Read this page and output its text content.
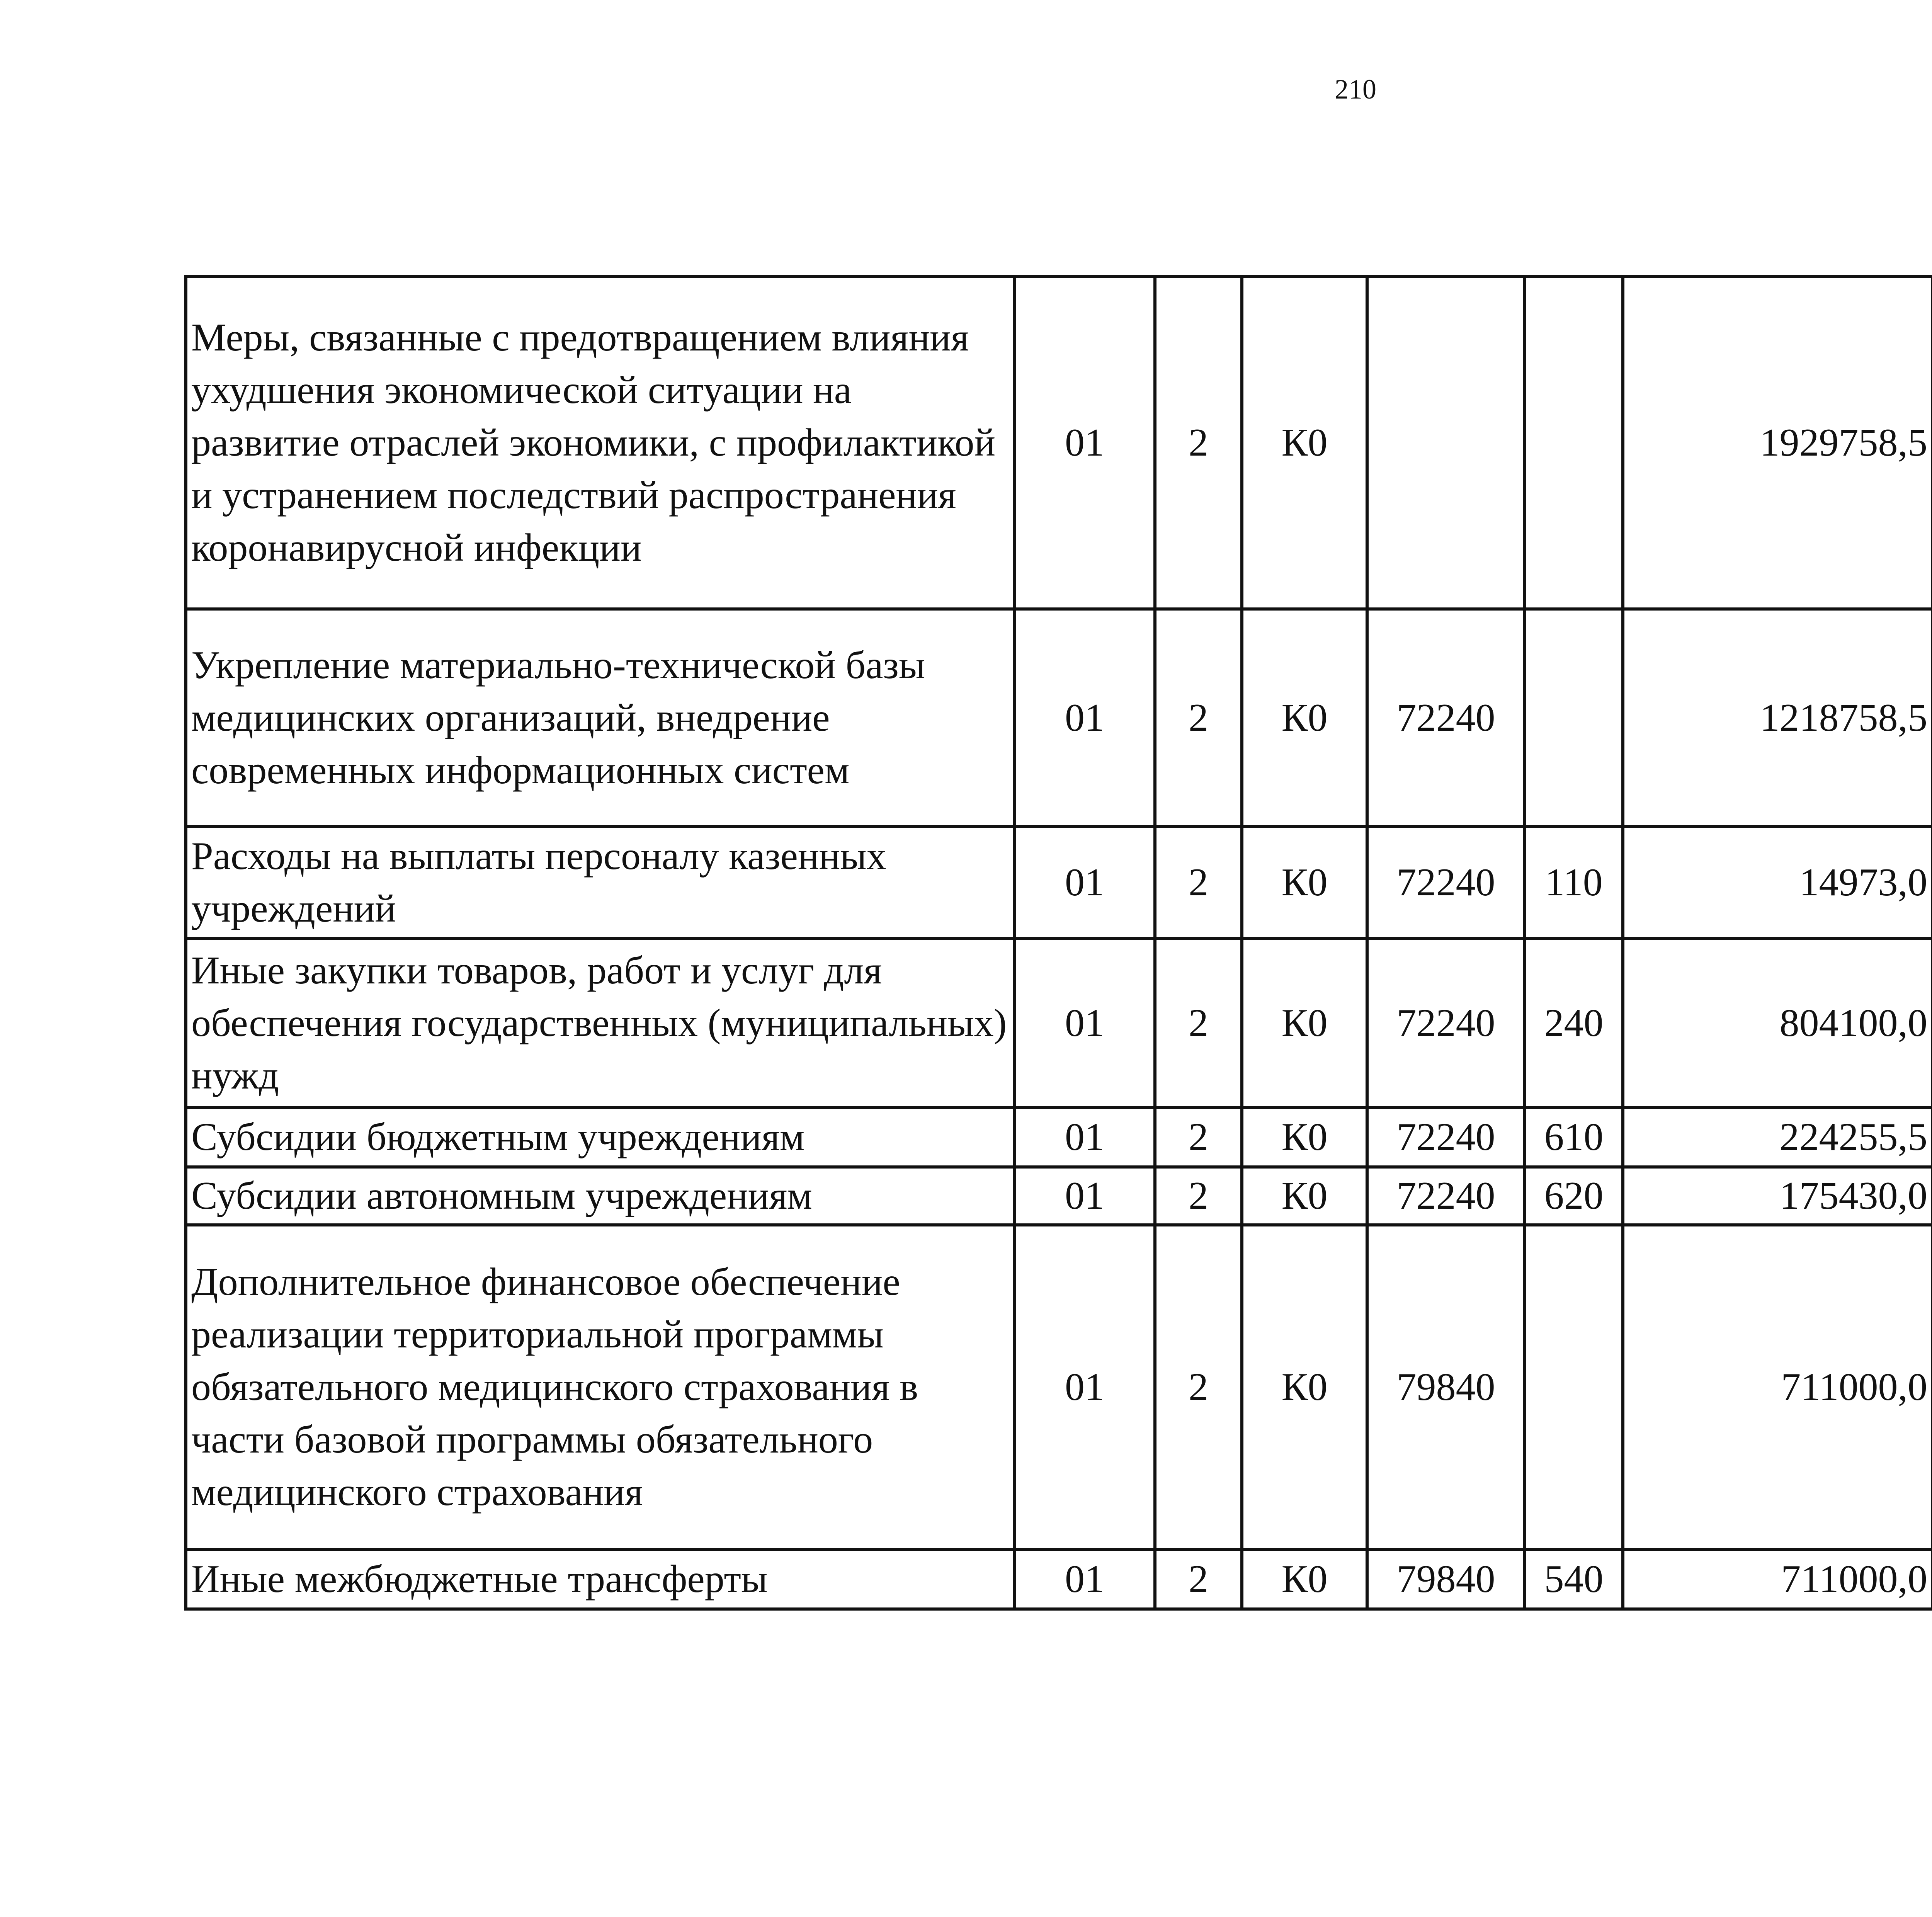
210
Меры, связанные с предотвращением влияния ухудшения экономической ситуации на развитие отраслей экономики, с профилактикой и устранением последствий распространения коронавирусной инфекции	01	2	К0			1929758,5		
Укрепление материально-технической базы медицинских организаций, внедрение современных информационных систем	01	2	К0	72240		1218758,5		
Расходы на выплаты персоналу казенных учреждений	01	2	К0	72240	110	14973,0		
Иные закупки товаров, работ и услуг для обеспечения государственных (муниципальных) нужд	01	2	К0	72240	240	804100,0		
Субсидии бюджетным учреждениям	01	2	К0	72240	610	224255,5		
Субсидии автономным учреждениям	01	2	К0	72240	620	175430,0		
Дополнительное финансовое обеспечение реализации территориальной программы обязательного медицинского страхования в части базовой программы обязательного медицинского страхования	01	2	К0	79840		711000,0		
Иные межбюджетные трансферты	01	2	К0	79840	540	711000,0		
